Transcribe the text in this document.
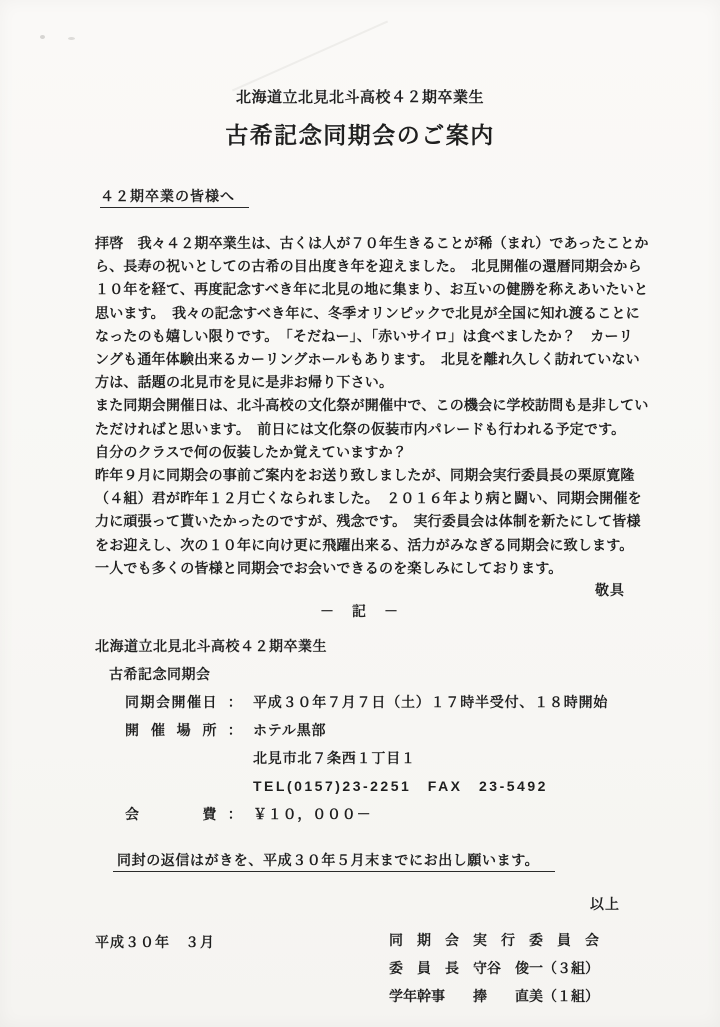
北海道立北見北斗高校４２期卒業生
古希記念同期会のご案内
４２期卒業の皆様へ
拝啓　我々４２期卒業生は、古くは人が７０年生きることが稀（まれ）であったことか
ら、長寿の祝いとしての古希の目出度き年を迎えました。　北見開催の還暦同期会から
１０年を経て、再度記念すべき年に北見の地に集まり、お互いの健勝を称えあいたいと
思います。　我々の記念すべき年に、冬季オリンピックで北見が全国に知れ渡ることに
なったのも嬉しい限りです。　「そだねー」、「赤いサイロ」は食べましたか？　カーリ
ングも通年体験出来るカーリングホールもあります。　北見を離れ久しく訪れていない
方は、話題の北見市を見に是非お帰り下さい。
また同期会開催日は、北斗高校の文化祭が開催中で、この機会に学校訪問も是非してい
ただければと思います。　前日には文化祭の仮装市内パレードも行われる予定です。
自分のクラスで何の仮装したか覚えていますか？
昨年９月に同期会の事前ご案内をお送り致しましたが、同期会実行委員長の栗原寛隆
（４組）君が昨年１２月亡くなられました。　２０１６年より病と闘い、同期会開催を
力に頑張って貰いたかったのですが、残念です。　実行委員会は体制を新たにして皆様
をお迎えし、次の１０年に向け更に飛躍出来る、活力がみなぎる同期会に致します。
一人でも多くの皆様と同期会でお会いできるのを楽しみにしております。
敬具
－　記　－
北海道立北見北斗高校４２期卒業生
古希記念同期会
同期会開催日 ： 平成３０年７月７日（土）１７時半受付、１８時開始
開催場所 ： ホテル黒部
北見市北７条西１丁目１
TEL(0157)23-2251　FAX　23-5492
会費 ： ￥１０，０００－
同封の返信はがきを、平成３０年５月末までにお出し願います。
以上
平成３０年　３月	同　期　会　実　行　委　員　会
委　員　長　守谷　俊一（３組）
学年幹事　　捧　　直美（１組）
